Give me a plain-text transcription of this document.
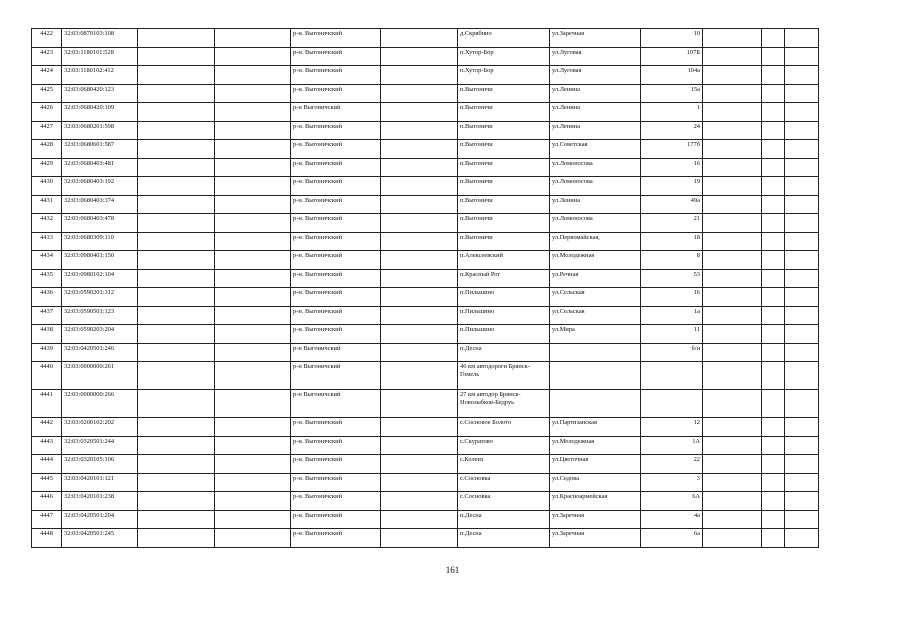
4422	32:03:0870103:108			р-н. Выгоничский		д.Скрябино	ул.Заречная	10			
4423	32:03:1180101:528			р-н. Выгоничский		п.Хутор-Бор	ул.Луговая	107Б			
4424	32:03:1180102:412			р-н. Выгоничский		п.Хутор-Бор	ул.Луговая	104а			
4425	32:03:0680420:123			р-н. Выгоничский		п.Выгоничи	ул.Ленина	15а			
4426	32:03:0680420:109			р-н Выгоничский		п.Выгоничи	ул.Ленина	1			
4427	32:03:0680201:598			р-н. Выгоничский		п.Выгоничи	ул.Ленина	24			
4428	32:03:0680601:587			р-н. Выгоничский		п.Выгоничи	ул.Советская	177б			
4429	32:03:0680403:481			р-н. Выгоничский		п.Выгоничи	ул.Ломоносова	16			
4430	32:03:0680403:192			р-н. Выгоничский		п.Выгоничи	ул.Ломоносова	19			
4431	32:03:0680403:374			р-н. Выгоничский		п.Выгоничи	ул.Ленина	49а			
4432	32:03:0680403:478			р-н. Выгоничский		п.Выгоничи	ул.Ломоносова	21			
4433	32:03:0680309:110			р-н. Выгоничский		п.Выгоничи	ул.Первомайская,	18			
4434	32:03:0980401:150			р-н. Выгоничский		п.Алексеевский	ул.Молодежная	8			
4435	32:03:0980102:104			р-н. Выгоничский		п.Красный Рог	ул.Речная	53			
4436	32:03:0590201:312			р-н. Выгоничский		п.Пильшино	ул.Сельская	16			
4437	32:03:0590501:123			р-н. Выгоничский		п.Пильшино	ул.Сельская	1а			
4438	32:03:0590203:204			р-н. Выгоничский		п.Пильшино	ул.Мира	11			
4439	32:03:0420501:246			р-н Выгоничский		п.Десна		б/н			
4440	32:03:0000000:261			р-н Выгоничский		46 км автодороги Брянск-Гомель					
4441	32:03:0000000:266			р-н Выгоничский		27 км автодор Брянск-Новозыбков-Бедруь					
4442	32:03:0200102:202			р-н. Выгоничский		с.Сосновое Болото	ул.Партизанская	12			
4443	32:03:0320501:244			р-н. Выгоничский		с.Скуратово	ул.Молодежная	1А			
4444	32:03:0320105:106			р-н. Выгоничский		с.Колеиз	ул.Цветочная	22			
4445	32:03:0420101:121			р-н. Выгоничский		с.Сосновка	ул.Седова	3			
4446	32:03:0420101:238			р-н. Выгоничский		с.Сосновка	ул.Красноармейская	6А			
4447	32:03:0420501:204			р-н. Выгоничский		п.Десна	ул.Заречная	4а			
4448	32:03:0420501:245			р-н. Выгоничский		п.Десна	ул.Заречная	6а			
161
